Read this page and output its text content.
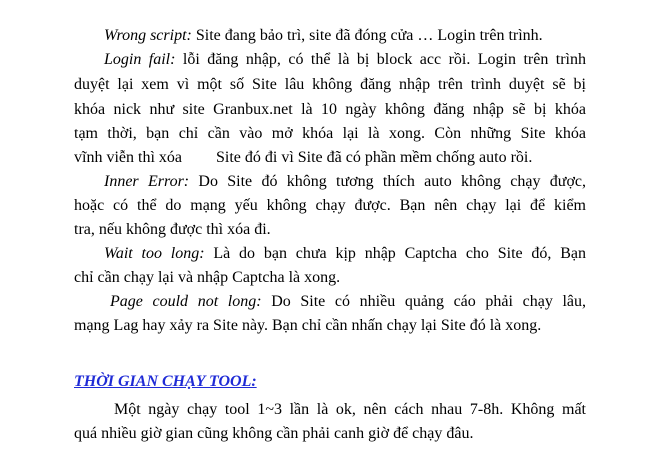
Wrong script: Site đang bảo trì, site đã đóng cửa … Login trên trình.
Login fail: lỗi đăng nhập, có thể là bị block acc rồi. Login trên trình
duyệt lại xem vì một số Site lâu không đăng nhập trên trình duyệt sẽ bị
khóa nick như site Granbux.net là 10 ngày không đăng nhập sẽ bị khóa
tạm thời, bạn chỉ cần vào mở khóa lại là xong. Còn những Site khóa
vĩnh viễn thì xóa Site đó đi vì Site đã có phần mềm chống auto rồi.
Inner Error: Do Site đó không tương thích auto không chạy được,
hoặc có thể do mạng yếu không chạy được. Bạn nên chạy lại để kiểm
tra, nếu không được thì xóa đi.
Wait too long: Là do bạn chưa kịp nhập Captcha cho Site đó, Bạn
chỉ cần chạy lại và nhập Captcha là xong.
Page could not long: Do Site có nhiều quảng cáo phải chạy lâu,
mạng Lag hay xảy ra Site này. Bạn chỉ cần nhấn chạy lại Site đó là xong.
THỜI GIAN CHẠY TOOL:
Một ngày chạy tool 1~3 lần là ok, nên cách nhau 7-8h. Không mất
quá nhiều giờ gian cũng không cần phải canh giờ để chạy đâu.
